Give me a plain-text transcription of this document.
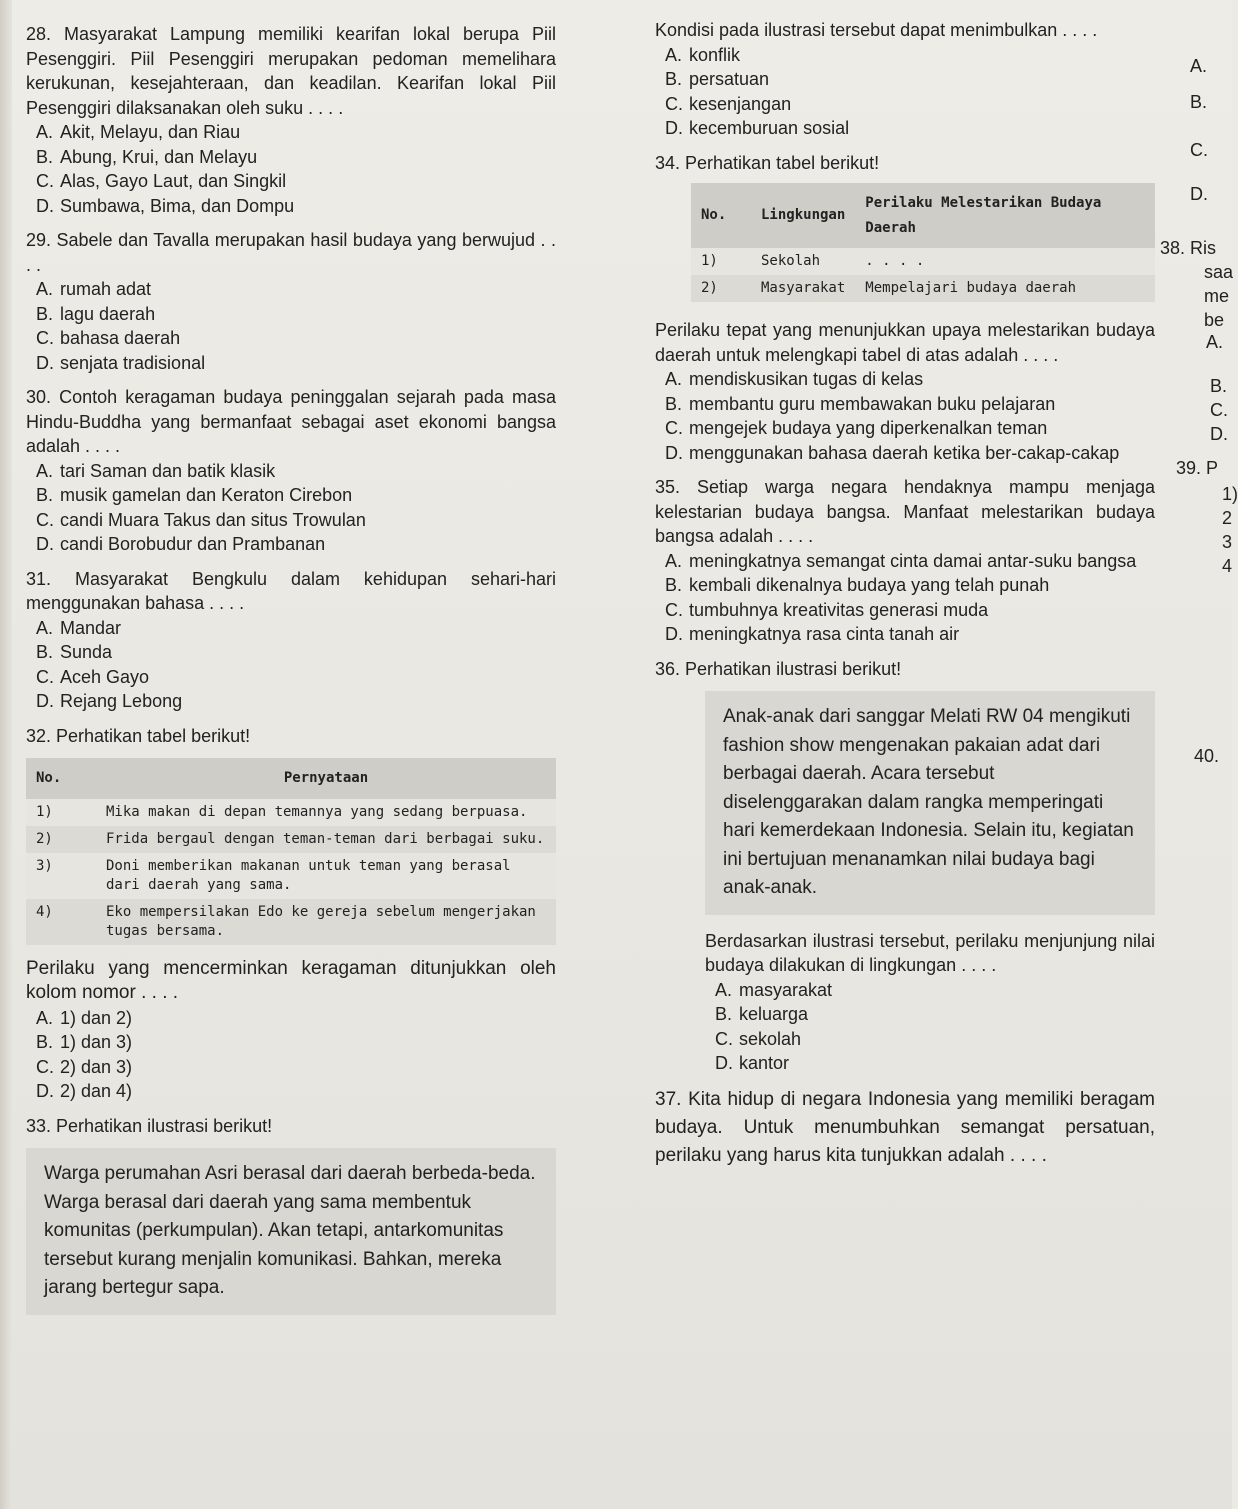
28. Masyarakat Lampung memiliki kearifan lokal berupa Piil Pesenggiri. Piil Pesenggiri merupakan pedoman memelihara kerukunan, kesejahteraan, dan keadilan. Kearifan lokal Piil Pesenggiri dilaksanakan oleh suku . . . .

A. Akit, Melayu, dan Riau

B. Abung, Krui, dan Melayu

C. Alas, Gayo Laut, dan Singkil

D. Sumbawa, Bima, dan Dompu

29. Sabele dan Tavalla merupakan hasil budaya yang berwujud . . . .

A. rumah adat

B. lagu daerah

C. bahasa daerah

D. senjata tradisional

30. Contoh keragaman budaya peninggalan sejarah pada masa Hindu-Buddha yang bermanfaat sebagai aset ekonomi bangsa adalah . . . .

A. tari Saman dan batik klasik

B. musik gamelan dan Keraton Cirebon

C. candi Muara Takus dan situs Trowulan

D. candi Borobudur dan Prambanan

31. Masyarakat Bengkulu dalam kehidupan sehari-hari menggunakan bahasa . . . .

A. Mandar

B. Sunda

C. Aceh Gayo

D. Rejang Lebong

32. Perhatikan tabel berikut!

No.	Pernyataan
1)	Mika makan di depan temannya yang sedang berpuasa.
2)	Frida bergaul dengan teman-teman dari berbagai suku.
3)	Doni memberikan makanan untuk teman yang berasal dari daerah yang sama.
4)	Eko mempersilakan Edo ke gereja sebelum mengerjakan tugas bersama.

Perilaku yang mencerminkan keragaman ditunjukkan oleh kolom nomor . . . .

A. 1) dan 2)

B. 1) dan 3)

C. 2) dan 3)

D. 2) dan 4)

33. Perhatikan ilustrasi berikut!

Warga perumahan Asri berasal dari daerah berbeda-beda. Warga berasal dari daerah yang sama membentuk komunitas (perkumpulan). Akan tetapi, antarkomunitas tersebut kurang menjalin komunikasi. Bahkan, mereka jarang bertegur sapa.

Kondisi pada ilustrasi tersebut dapat menimbulkan . . . .

A. konflik

B. persatuan

C. kesenjangan

D. kecemburuan sosial

34. Perhatikan tabel berikut!

No.	Lingkungan	Perilaku Melestarikan Budaya Daerah
1)	Sekolah	. . . .
2)	Masyarakat	Mempelajari budaya daerah

Perilaku tepat yang menunjukkan upaya melestarikan budaya daerah untuk melengkapi tabel di atas adalah . . . .

A. mendiskusikan tugas di kelas

B. membantu guru membawakan buku pelajaran

C. mengejek budaya yang diperkenalkan teman

D. menggunakan bahasa daerah ketika ber-cakap-cakap

35. Setiap warga negara hendaknya mampu menjaga kelestarian budaya bangsa. Manfaat melestarikan budaya bangsa adalah . . . .

A. meningkatnya semangat cinta damai antar-suku bangsa

B. kembali dikenalnya budaya yang telah punah

C. tumbuhnya kreativitas generasi muda

D. meningkatnya rasa cinta tanah air

36. Perhatikan ilustrasi berikut!

Anak-anak dari sanggar Melati RW 04 mengikuti fashion show mengenakan pakaian adat dari berbagai daerah. Acara tersebut diselenggarakan dalam rangka memperingati hari kemerdekaan Indonesia. Selain itu, kegiatan ini bertujuan menanamkan nilai budaya bagi anak-anak.

Berdasarkan ilustrasi tersebut, perilaku menjunjung nilai budaya dilakukan di lingkungan . . . .

A. masyarakat

B. keluarga

C. sekolah

D. kantor

37. Kita hidup di negara Indonesia yang memiliki beragam budaya. Untuk menumbuhkan semangat persatuan, perilaku yang harus kita tunjukkan adalah . . . .

A.

B.

C.

D.

38. Ris

saa

me

be

A.

B.

C.

D.

39. P

1)

2

3

4

40.
